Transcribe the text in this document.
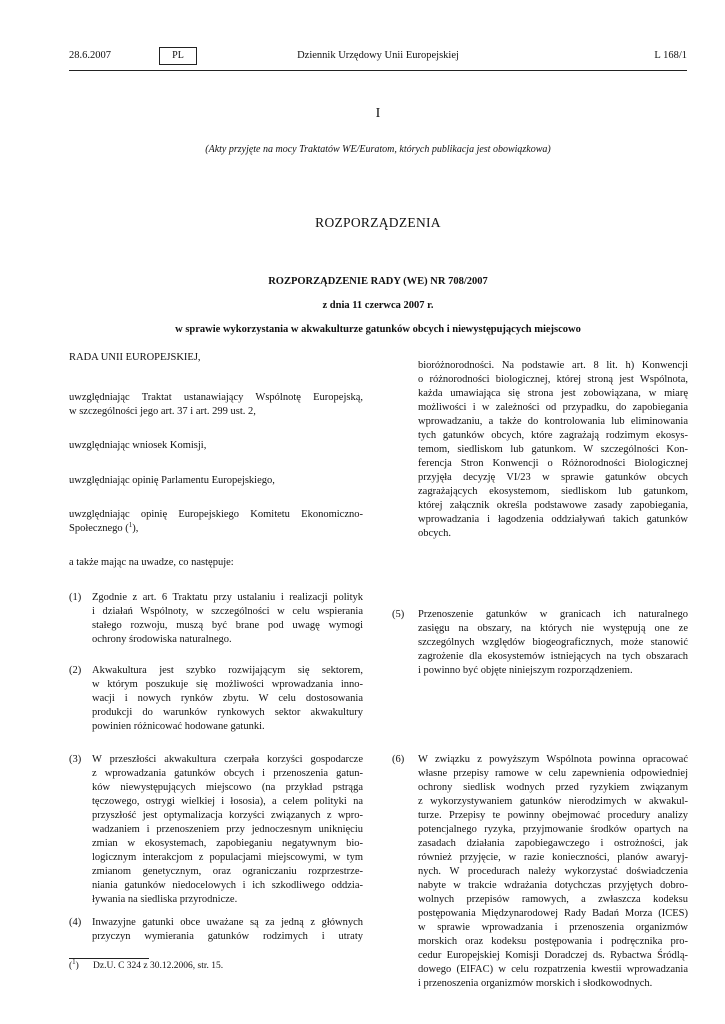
28.6.2007	PL	Dziennik Urzędowy Unii Europejskiej	L 168/1
I
(Akty przyjęte na mocy Traktatów WE/Euratom, których publikacja jest obowiązkowa)
ROZPORZĄDZENIA
ROZPORZĄDZENIE RADY (WE) NR 708/2007
z dnia 11 czerwca 2007 r.
w sprawie wykorzystania w akwakulturze gatunków obcych i niewystępujących miejscowo
RADA UNII EUROPEJSKIEJ,
uwzględniając Traktat ustanawiający Wspólnotę Europejską,
w szczególności jego art. 37 i art. 299 ust. 2,
uwzględniając wniosek Komisji,
uwzględniając opinię Parlamentu Europejskiego,
uwzględniając opinię Europejskiego Komitetu Ekonomiczno-
Społecznego ($^1$),
a także mając na uwadze, co następuje:
(1) Zgodnie z art. 6 Traktatu przy ustalaniu i realizacji polityk
i działań Wspólnoty, w szczególności w celu wspierania
stałego rozwoju, muszą być brane pod uwagę wymogi
ochrony środowiska naturalnego.
(2) Akwakultura jest szybko rozwijającym się sektorem,
w którym poszukuje się możliwości wprowadzania inno-
wacji i nowych rynków zbytu. W celu dostosowania
produkcji do warunków rynkowych sektor akwakultury
powinien różnicować hodowane gatunki.
(3) W przeszłości akwakultura czerpała korzyści gospodarcze
z wprowadzania gatunków obcych i przenoszenia gatun-
ków niewystępujących miejscowo (na przykład pstrąga
tęczowego, ostrygi wielkiej i łososia), a celem polityki na
przyszłość jest optymalizacja korzyści związanych z wpro-
wadzaniem i przenoszeniem przy jednoczesnym uniknięciu
zmian w ekosystemach, zapobieganiu negatywnym bio-
logicznym interakcjom z populacjami miejscowymi, w tym
zmianom genetycznym, oraz ograniczaniu rozprzestrze-
niania gatunków niedocelowych i ich szkodliwego oddzia-
ływania na siedliska przyrodnicze.
(4) Inwazyjne gatunki obce uważane są za jedną z głównych
przyczyn wymierania gatunków rodzimych i utraty
bioróżnorodności. Na podstawie art. 8 lit. h) Konwencji
o różnorodności biologicznej, której stroną jest Wspólnota,
każda umawiająca się strona jest zobowiązana, w miarę
możliwości i w zależności od przypadku, do zapobiegania
wprowadzaniu, a także do kontrolowania lub eliminowania
tych gatunków obcych, które zagrażają rodzimym ekosys-
temom, siedliskom lub gatunkom. W szczególności Kon-
ferencja Stron Konwencji o Różnorodności Biologicznej
przyjęła decyzję VI/23 w sprawie gatunków obcych
zagrażających ekosystemom, siedliskom lub gatunkom,
której załącznik określa podstawowe zasady zapobiegania,
wprowadzania i łagodzenia oddziaływań takich gatunków
obcych.
(5) Przenoszenie gatunków w granicach ich naturalnego
zasięgu na obszary, na których nie występują one ze
szczególnych względów biogeograficznych, może stanowić
zagrożenie dla ekosystemów istniejących na tych obszarach
i powinno być objęte niniejszym rozporządzeniem.
(6) W związku z powyższym Wspólnota powinna opracować
własne przepisy ramowe w celu zapewnienia odpowiedniej
ochrony siedlisk wodnych przed ryzykiem związanym
z wykorzystywaniem gatunków nierodzimych w akwakul-
turze. Przepisy te powinny obejmować procedury analizy
potencjalnego ryzyka, przyjmowanie środków opartych na
zasadach działania zapobiegawczego i ostrożności, jak
również przyjęcie, w razie konieczności, planów awaryj-
nych. W procedurach należy wykorzystać doświadczenia
nabyte w trakcie wdrażania dotychczas przyjętych dobro-
wolnych przepisów ramowych, a zwłaszcza kodeksu
postępowania Międzynarodowej Rady Badań Morza (ICES)
w sprawie wprowadzania i przenoszenia organizmów
morskich oraz kodeksu postępowania i podręcznika pro-
cedur Europejskiej Komisji Doradczej ds. Rybactwa Śródlą-
dowego (EIFAC) w celu rozpatrzenia kwestii wprowadzania
i przenoszenia organizmów morskich i słodkowodnych.
($^1$) Dz.U. C 324 z 30.12.2006, str. 15.
